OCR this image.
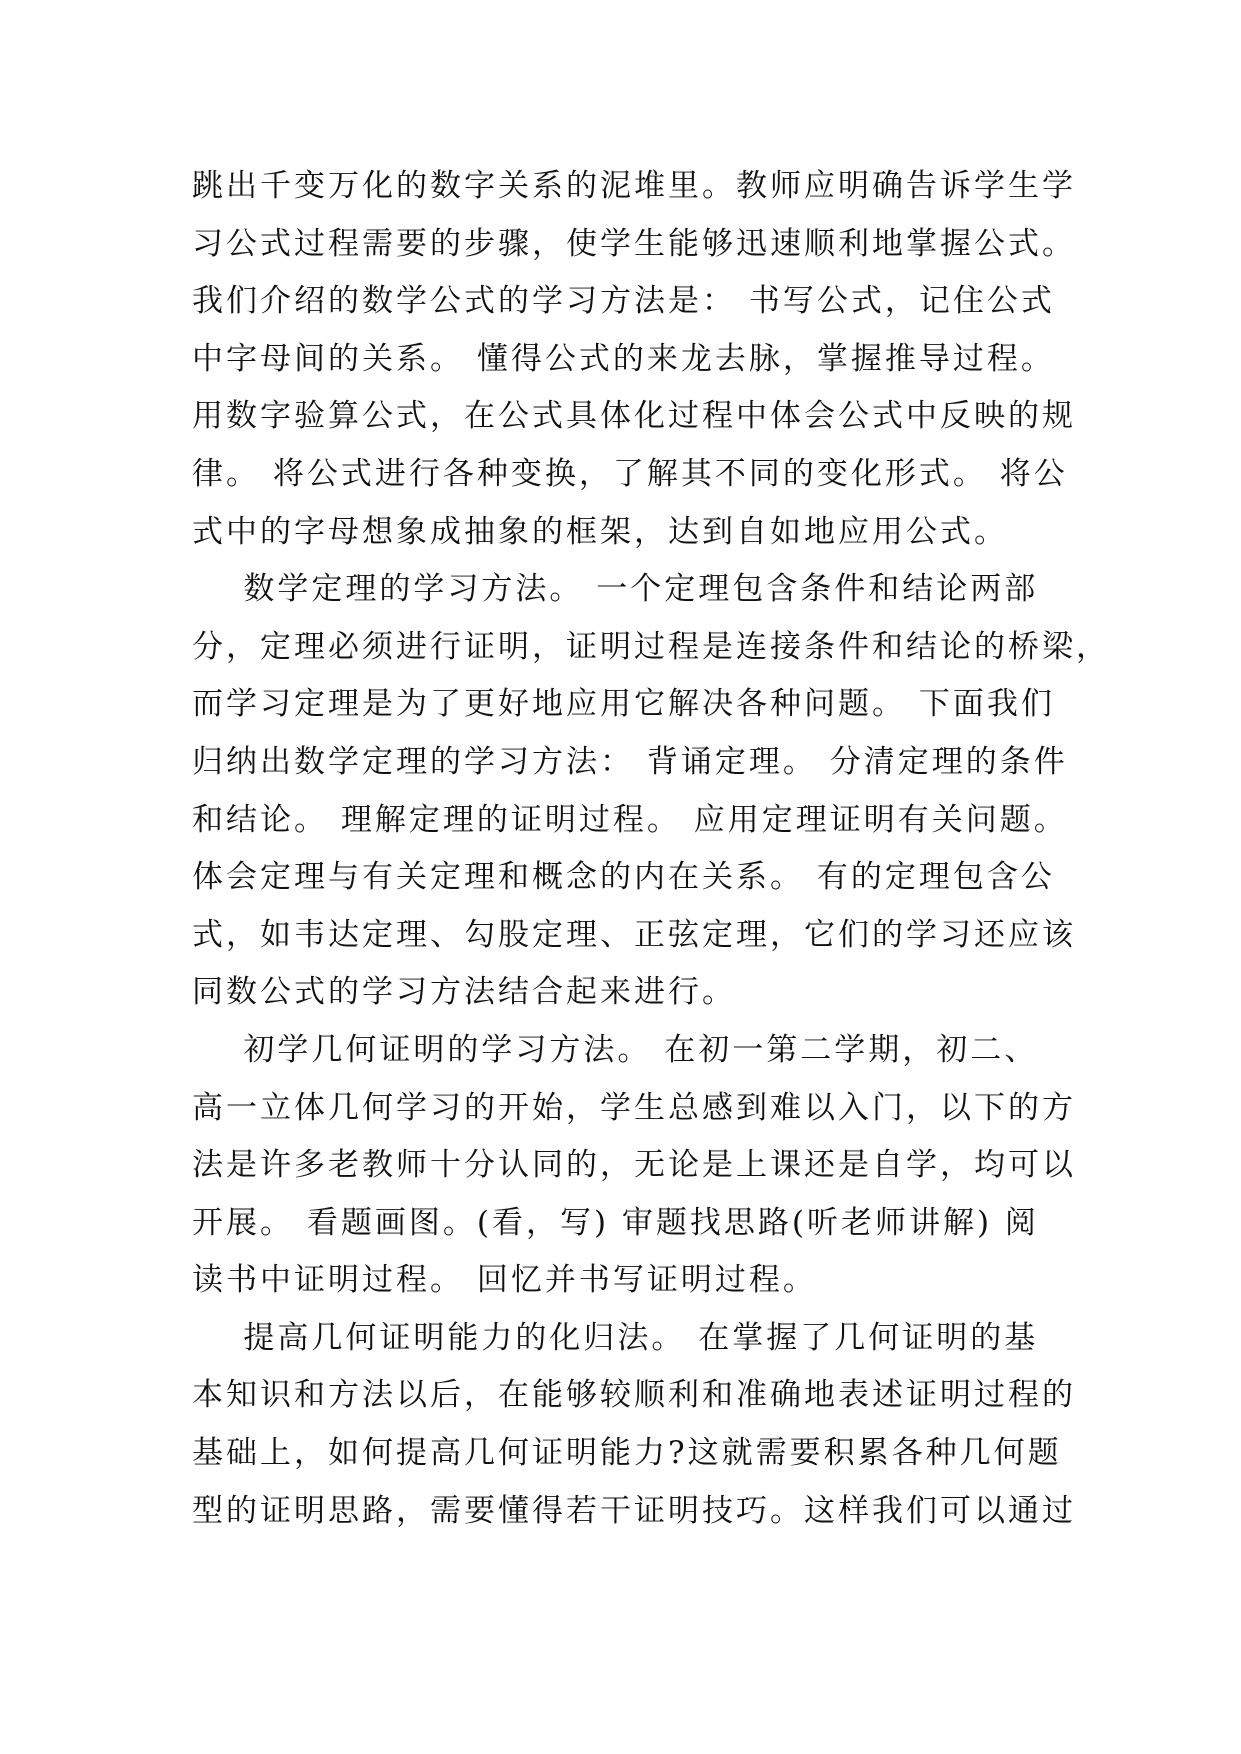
跳出千变万化的数字关系的泥堆里。教师应明确告诉学生学
习公式过程需要的步骤，使学生能够迅速顺利地掌握公式。
我们介绍的数学公式的学习方法是： 书写公式，记住公式
中字母间的关系。 懂得公式的来龙去脉，掌握推导过程。
用数字验算公式，在公式具体化过程中体会公式中反映的规
律。 将公式进行各种变换，了解其不同的变化形式。 将公
式中的字母想象成抽象的框架，达到自如地应用公式。
数学定理的学习方法。 一个定理包含条件和结论两部
分，定理必须进行证明，证明过程是连接条件和结论的桥梁，
而学习定理是为了更好地应用它解决各种问题。 下面我们
归纳出数学定理的学习方法： 背诵定理。 分清定理的条件
和结论。 理解定理的证明过程。 应用定理证明有关问题。
体会定理与有关定理和概念的内在关系。 有的定理包含公
式，如韦达定理、勾股定理、正弦定理，它们的学习还应该
同数公式的学习方法结合起来进行。
初学几何证明的学习方法。 在初一第二学期，初二、
高一立体几何学习的开始，学生总感到难以入门，以下的方
法是许多老教师十分认同的，无论是上课还是自学，均可以
开展。 看题画图。(看，写) 审题找思路(听老师讲解) 阅
读书中证明过程。 回忆并书写证明过程。
提高几何证明能力的化归法。 在掌握了几何证明的基
本知识和方法以后，在能够较顺利和准确地表述证明过程的
基础上，如何提高几何证明能力?这就需要积累各种几何题
型的证明思路，需要懂得若干证明技巧。这样我们可以通过
